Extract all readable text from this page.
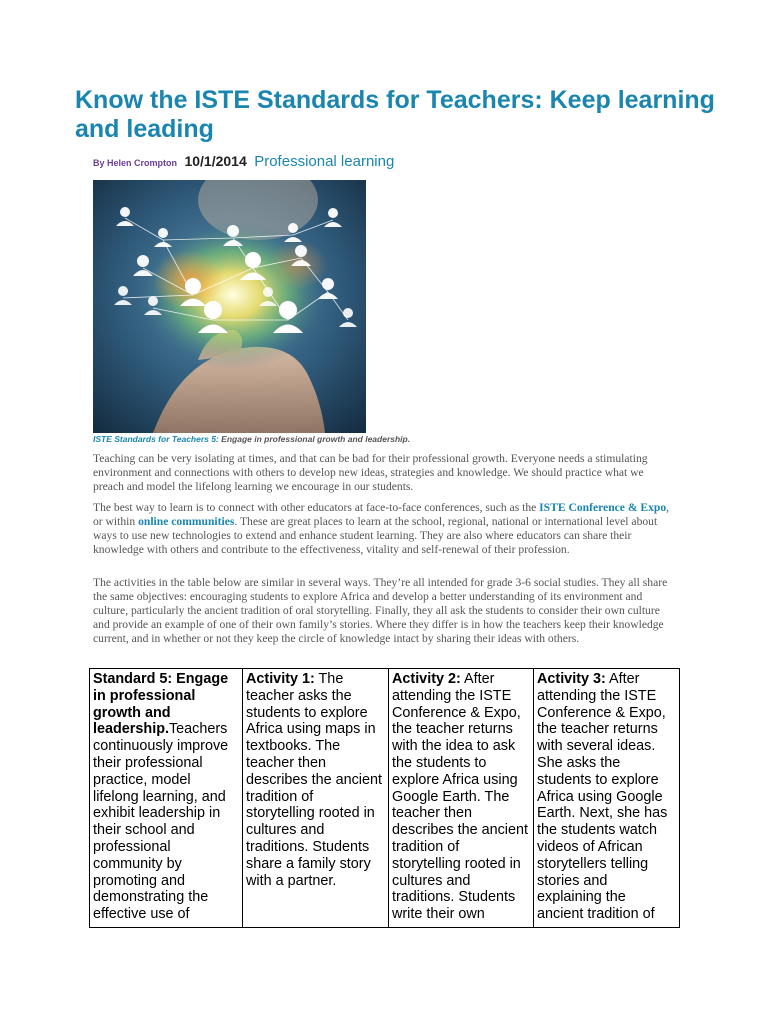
Know the ISTE Standards for Teachers: Keep learning and leading
By Helen Crompton 10/1/2014 Professional learning
ISTE Standards for Teachers 5: Engage in professional growth and leadership.

Teaching can be very isolating at times, and that can be bad for their professional growth. Everyone needs a stimulating environment and connections with others to develop new ideas, strategies and knowledge. We should practice what we preach and model the lifelong learning we encourage in our students.

The best way to learn is to connect with other educators at face-to-face conferences, such as the ISTE Conference & Expo, or within online communities. These are great places to learn at the school, regional, national or international level about ways to use new technologies to extend and enhance student learning. They are also where educators can share their knowledge with others and contribute to the effectiveness, vitality and self-renewal of their profession.

The activities in the table below are similar in several ways. They’re all intended for grade 3-6 social studies. They all share the same objectives: encouraging students to explore Africa and develop a better understanding of its environment and culture, particularly the ancient tradition of oral storytelling. Finally, they all ask the students to consider their own culture and provide an example of one of their own family’s stories. Where they differ is in how the teachers keep their knowledge current, and in whether or not they keep the circle of knowledge intact by sharing their ideas with others.

Standard 5: Engage in professional growth and leadership.Teachers continuously improve their professional practice, model lifelong learning, and exhibit leadership in their school and professional community by promoting and demonstrating the effective use of	Activity 1: The teacher asks the students to explore Africa using maps in textbooks. The teacher then describes the ancient tradition of storytelling rooted in cultures and traditions. Students share a family story with a partner.	Activity 2: After attending the ISTE Conference & Expo, the teacher returns with the idea to ask the students to explore Africa using Google Earth. The teacher then describes the ancient tradition of storytelling rooted in cultures and traditions. Students write their own	Activity 3: After attending the ISTE Conference & Expo, the teacher returns with several ideas. She asks the students to explore Africa using Google Earth. Next, she has the students watch videos of African storytellers telling stories and explaining the ancient tradition of
